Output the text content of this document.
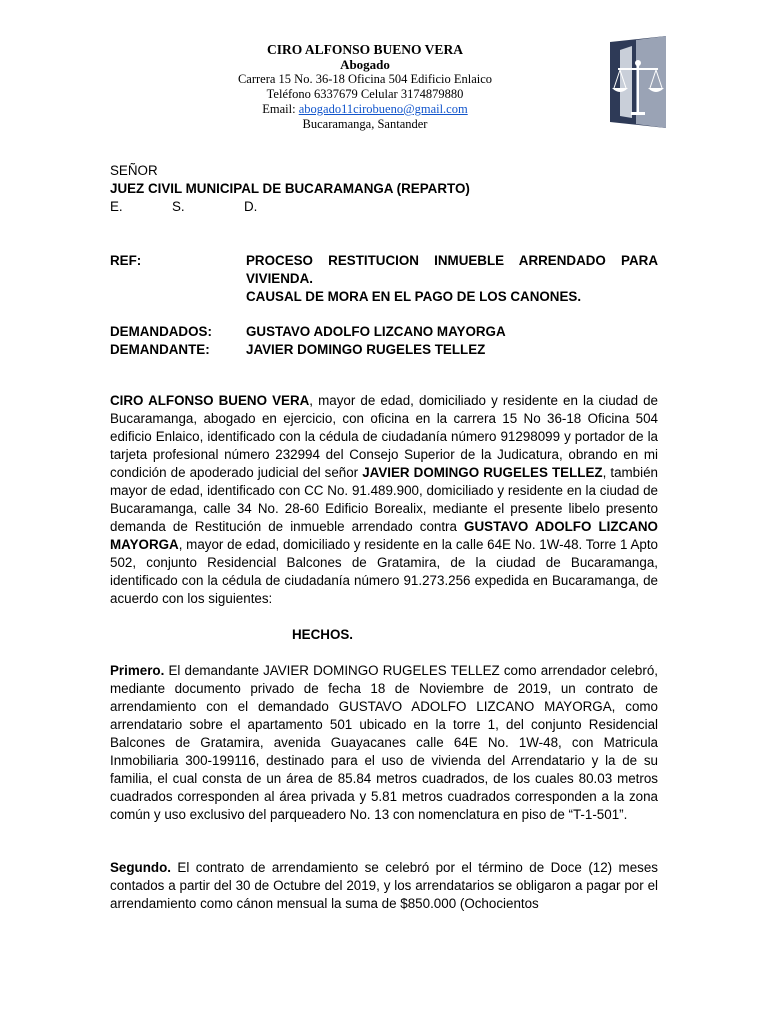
CIRO ALFONSO BUENO VERA
Abogado
Carrera 15 No. 36-18 Oficina 504 Edificio Enlaico
Teléfono 6337679 Celular 3174879880
Email: abogado11cirobueno@gmail.com
Bucaramanga, Santander
SEÑOR
JUEZ CIVIL MUNICIPAL DE BUCARAMANGA (REPARTO)
E.	S.	D.
REF:	PROCESO RESTITUCION INMUEBLE ARRENDADO PARA
VIVIENDA.
CAUSAL DE MORA EN EL PAGO DE LOS CANONES.
DEMANDADOS:	GUSTAVO ADOLFO LIZCANO MAYORGA
DEMANDANTE:	JAVIER DOMINGO RUGELES TELLEZ
CIRO ALFONSO BUENO VERA, mayor de edad, domiciliado y residente en la ciudad de Bucaramanga, abogado en ejercicio, con oficina en la carrera 15 No 36-18 Oficina 504 edificio Enlaico, identificado con la cédula de ciudadanía número 91298099 y portador de la tarjeta profesional número 232994 del Consejo Superior de la Judicatura, obrando en mi condición de apoderado judicial del señor JAVIER DOMINGO RUGELES TELLEZ, también mayor de edad, identificado con CC No. 91.489.900, domiciliado y residente en la ciudad de Bucaramanga, calle 34 No. 28-60 Edificio Borealix, mediante el presente libelo presento demanda de Restitución de inmueble arrendado contra GUSTAVO ADOLFO LIZCANO MAYORGA, mayor de edad, domiciliado y residente en la calle 64E No. 1W-48. Torre 1 Apto 502, conjunto Residencial Balcones de Gratamira, de la ciudad de Bucaramanga, identificado con la cédula de ciudadanía número 91.273.256 expedida en Bucaramanga, de acuerdo con los siguientes:
HECHOS.
Primero. El demandante JAVIER DOMINGO RUGELES TELLEZ como arrendador celebró, mediante documento privado de fecha 18 de Noviembre de 2019, un contrato de arrendamiento con el demandado GUSTAVO ADOLFO LIZCANO MAYORGA, como arrendatario sobre el apartamento 501 ubicado en la torre 1, del conjunto Residencial Balcones de Gratamira, avenida Guayacanes calle 64E No. 1W-48, con Matricula Inmobiliaria 300-199116, destinado para el uso de vivienda del Arrendatario y la de su familia, el cual consta de un área de 85.84 metros cuadrados, de los cuales 80.03 metros cuadrados corresponden al área privada y 5.81 metros cuadrados corresponden a la zona común y uso exclusivo del parqueadero No. 13 con nomenclatura en piso de “T-1-501”.
Segundo. El contrato de arrendamiento se celebró por el término de Doce (12) meses contados a partir del 30 de Octubre del 2019, y los arrendatarios se obligaron a pagar por el arrendamiento como cánon mensual la suma de $850.000 (Ochocientos
